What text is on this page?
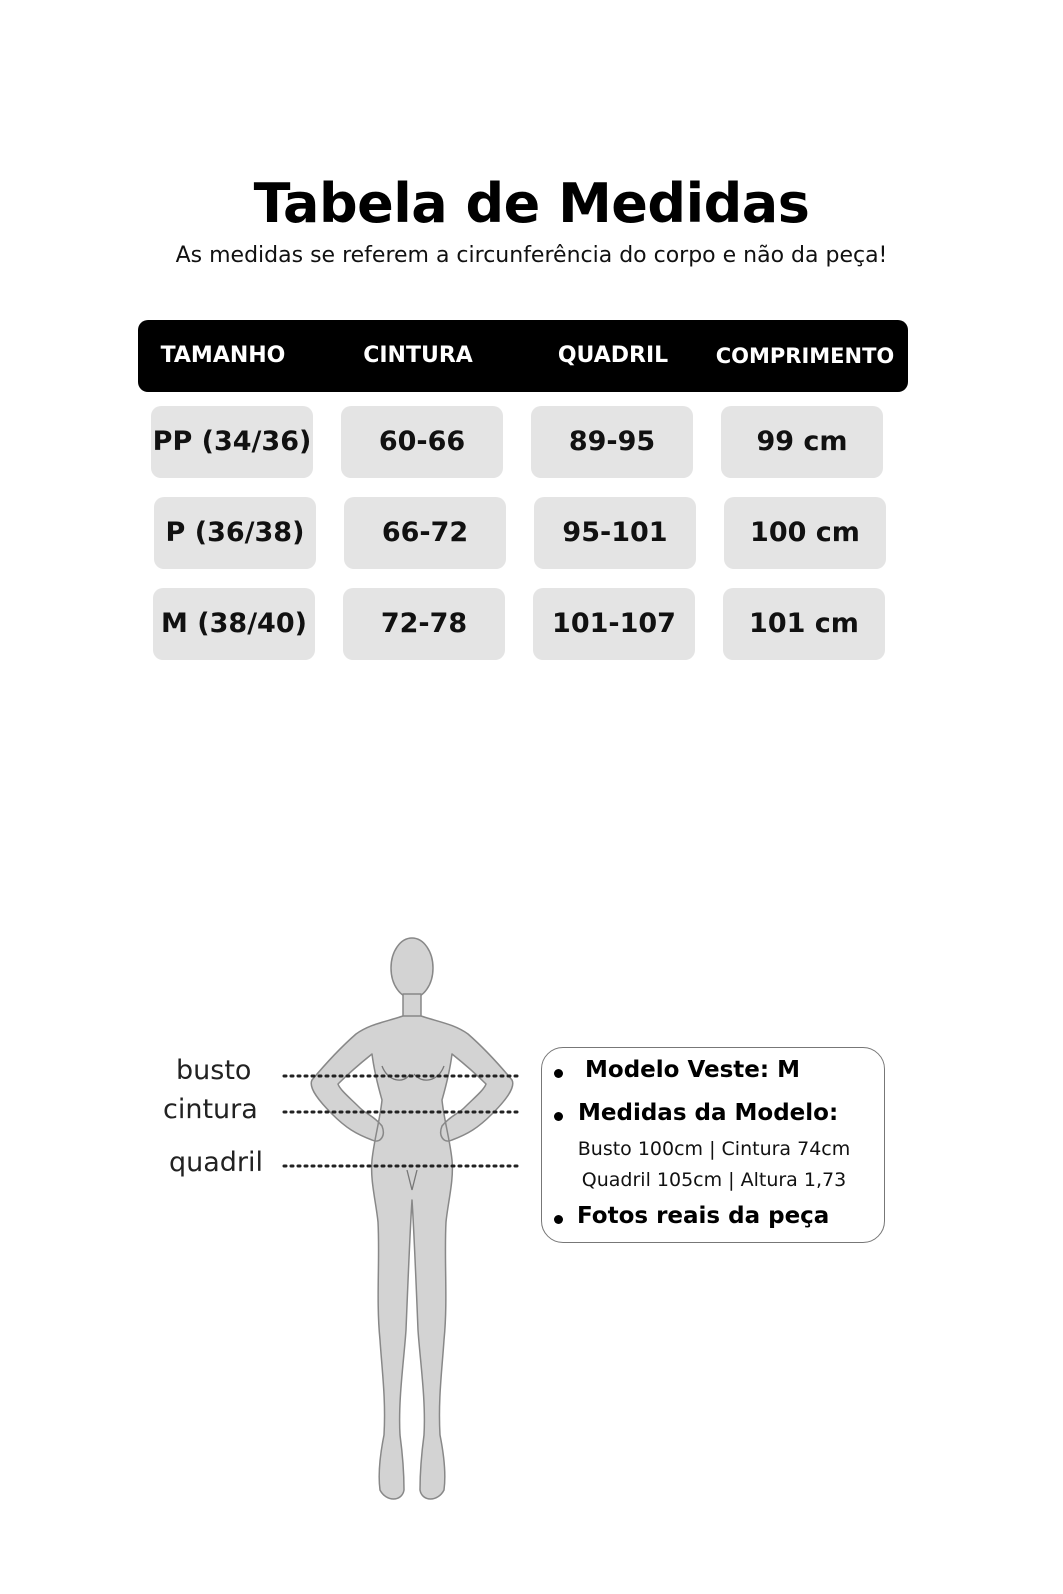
Tabela de Medidas
As medidas se referem a circunferência do corpo e não da peça!
TAMANHO	CINTURA	QUADRIL	COMPRIMENTO
PP (34/36)	60-66	89-95	99 cm
P (36/38)	66-72	95-101	100 cm
M (38/40)	72-78	101-107	101 cm
busto
cintura
quadril
Modelo Veste: M
Medidas da Modelo:
Busto 100cm | Cintura 74cm
Quadril 105cm | Altura 1,73
Fotos reais da peça
